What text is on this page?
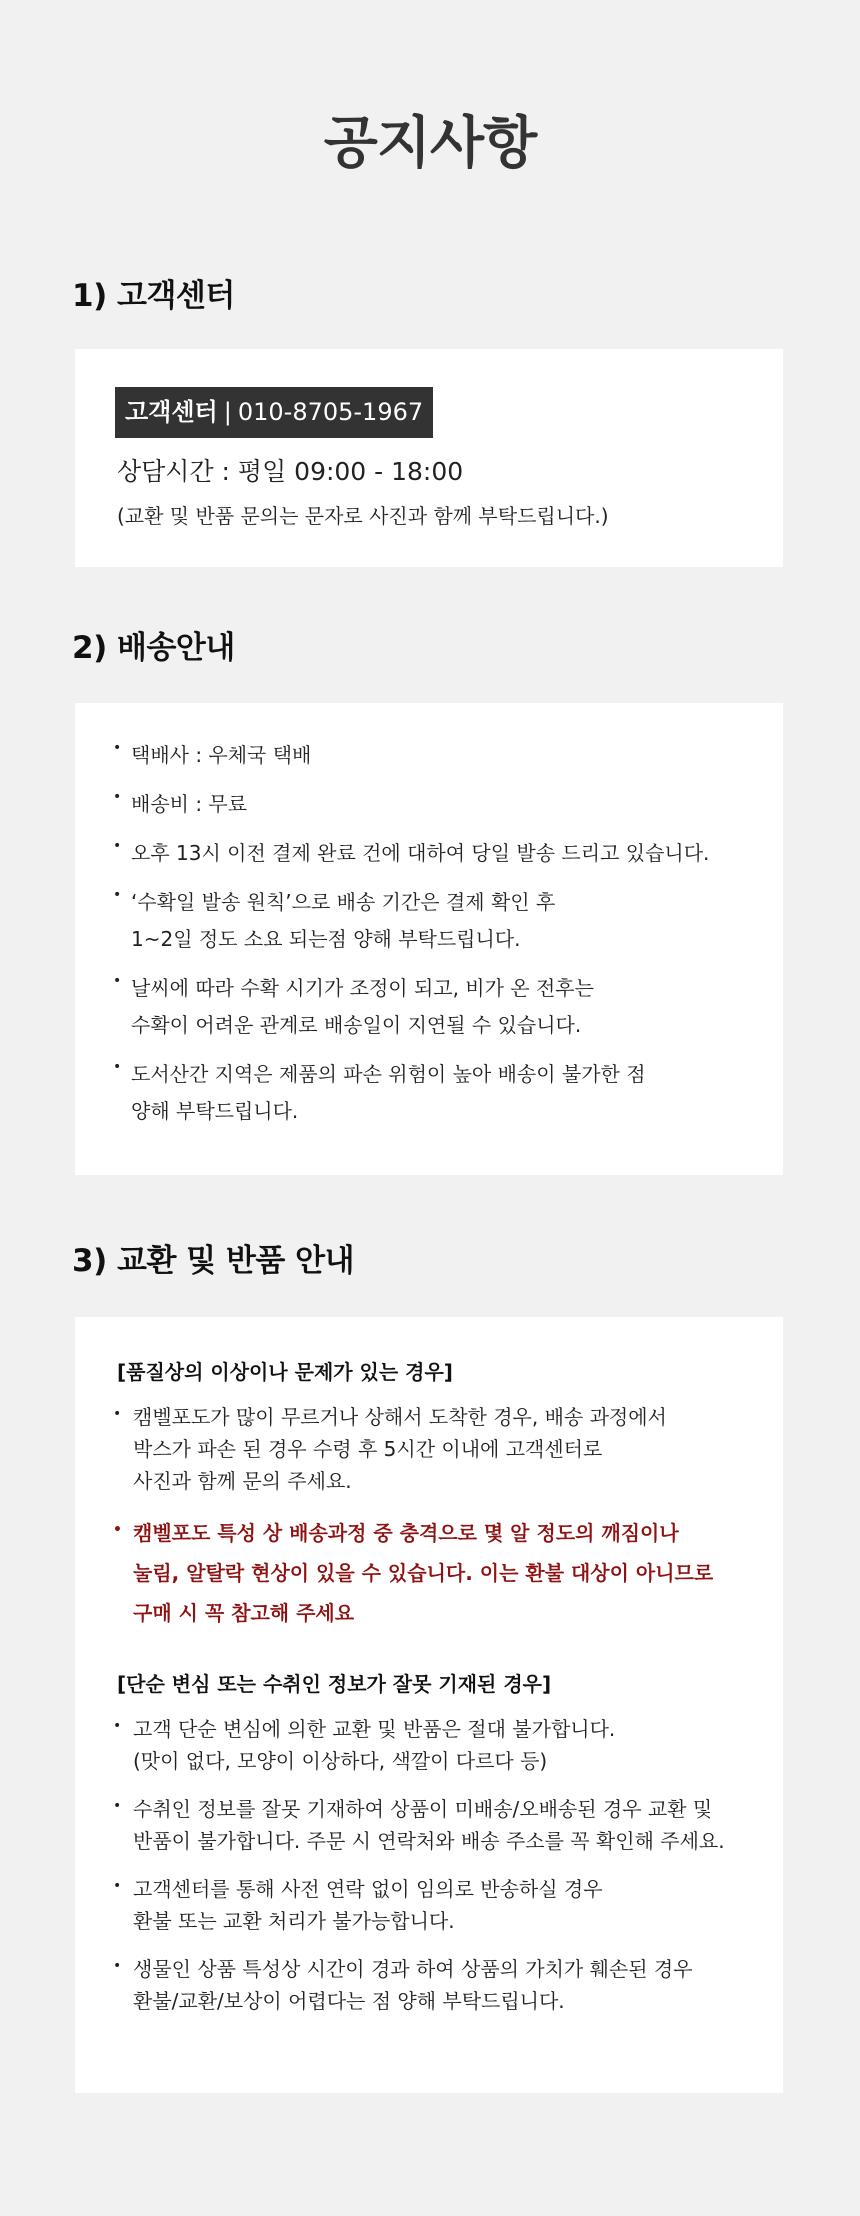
공지사항
1) 고객센터
고객센터 | 010-8705-1967
상담시간 : 평일 09:00 - 18:00
(교환 및 반품 문의는 문자로 사진과 함께 부탁드립니다.)
2) 배송안내
• 택배사 : 우체국 택배
• 배송비 : 무료
• 오후 13시 이전 결제 완료 건에 대하여 당일 발송 드리고 있습니다.
• ‘수확일 발송 원칙’으로 배송 기간은 결제 확인 후
1~2일 정도 소요 되는점 양해 부탁드립니다.
• 날씨에 따라 수확 시기가 조정이 되고, 비가 온 전후는
수확이 어려운 관계로 배송일이 지연될 수 있습니다.
• 도서산간 지역은 제품의 파손 위험이 높아 배송이 불가한 점
양해 부탁드립니다.
3) 교환 및 반품 안내
[품질상의 이상이나 문제가 있는 경우]
• 캠벨포도가 많이 무르거나 상해서 도착한 경우, 배송 과정에서
박스가 파손 된 경우 수령 후 5시간 이내에 고객센터로
사진과 함께 문의 주세요.
• 캠벨포도 특성 상 배송과정 중 충격으로 몇 알 정도의 깨짐이나
눌림, 알탈락 현상이 있을 수 있습니다. 이는 환불 대상이 아니므로
구매 시 꼭 참고해 주세요
[단순 변심 또는 수취인 정보가 잘못 기재된 경우]
• 고객 단순 변심에 의한 교환 및 반품은 절대 불가합니다.
(맛이 없다, 모양이 이상하다, 색깔이 다르다 등)
• 수취인 정보를 잘못 기재하여 상품이 미배송/오배송된 경우 교환 및
반품이 불가합니다. 주문 시 연락처와 배송 주소를 꼭 확인해 주세요.
• 고객센터를 통해 사전 연락 없이 임의로 반송하실 경우
환불 또는 교환 처리가 불가능합니다.
• 생물인 상품 특성상 시간이 경과 하여 상품의 가치가 훼손된 경우
환불/교환/보상이 어렵다는 점 양해 부탁드립니다.
